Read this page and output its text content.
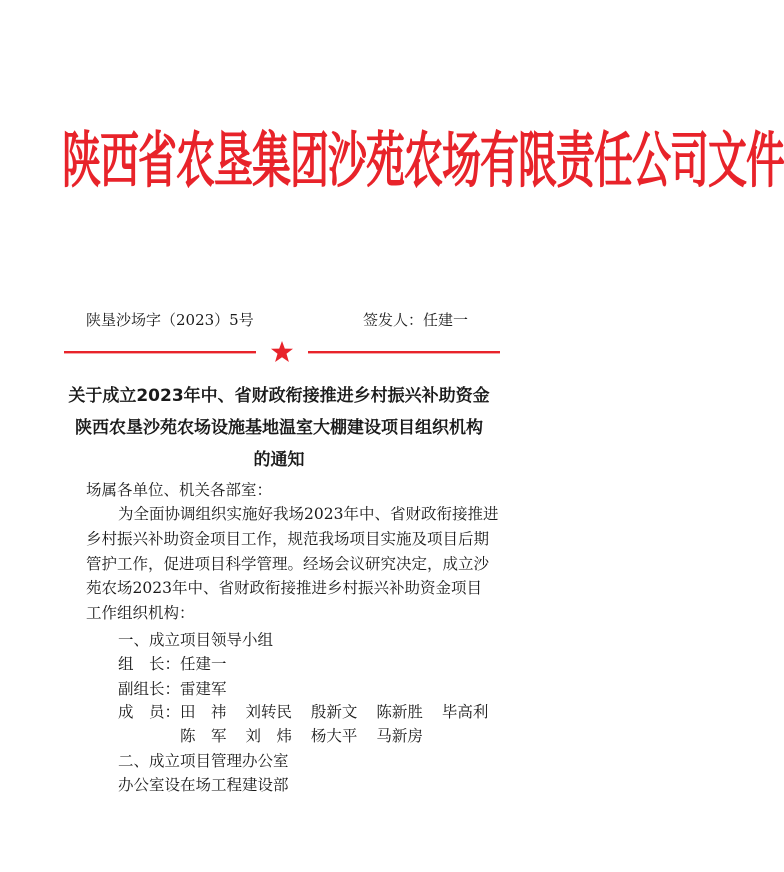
陕西省农垦集团沙苑农场有限责任公司文件
陕垦沙场字（2023）5号	签发人：任建一
关于成立2023年中、省财政衔接推进乡村振兴补助资金
陕西农垦沙苑农场设施基地温室大棚建设项目组织机构
的通知
场属各单位、机关各部室：
为全面协调组织实施好我场2023年中、省财政衔接推进
乡村振兴补助资金项目工作，规范我场项目实施及项目后期
管护工作，促进项目科学管理。经场会议研究决定，成立沙
苑农场2023年中、省财政衔接推进乡村振兴补助资金项目
工作组织机构：
一、成立项目领导小组
组　长：任建一
副组长：雷建军
成　员： 田　祎 刘转民 殷新文 陈新胜 毕高利
陈　军 刘　炜 杨大平 马新房
二、成立项目管理办公室
办公室设在场工程建设部
